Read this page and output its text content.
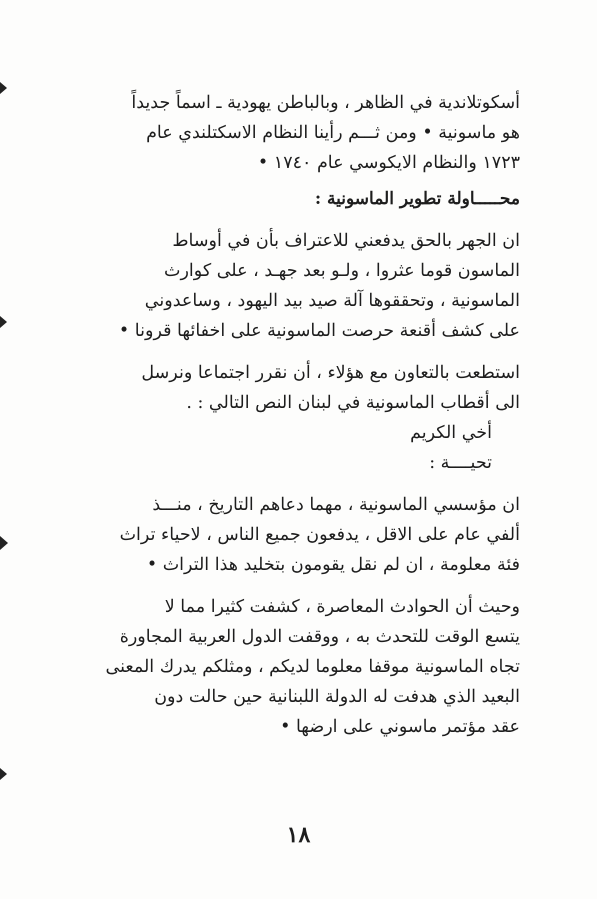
أسكوتلاندية في الظاهر ، وبالباطن يهودية ـ اسماً جديداً
هو ماسونية • ومن ثـــم رأينا النظام الاسكتلندي عام
١٧٢٣ والنظام الايكوسي عام ١٧٤٠ •
محـــــاولة تطوير الماسونية :
ان الجهر بالحق يدفعني للاعتراف بأن في أوساط
الماسون قوما عثروا ، ولـو بعد جهـد ، على كوارث
الماسونية ، وتحققوها آلة صيد بيد اليهود ، وساعدوني
على كشف أقنعة حرصت الماسونية على اخفائها قرونا •
استطعت بالتعاون مع هؤلاء ، أن نقرر اجتماعا ونرسل
الى أقطاب الماسونية في لبنان النص التالي : .
أخي الكريم
تحيــــة :
ان مؤسسي الماسونية ، مهما دعاهم التاريخ ، منـــذ
ألفي عام على الاقل ، يدفعون جميع الناس ، لاحياء تراث
فئة معلومة ، ان لم نقل يقومون بتخليد هذا التراث •
وحيث أن الحوادث المعاصرة ، كشفت كثيرا مما لا
يتسع الوقت للتحدث به ، ووقفت الدول العربية المجاورة
تجاه الماسونية موقفا معلوما لديكم ، ومثلكم يدرك المعنى
البعيد الذي هدفت له الدولة اللبنانية حين حالت دون
عقد مؤتمر ماسوني على ارضها •
١٨
